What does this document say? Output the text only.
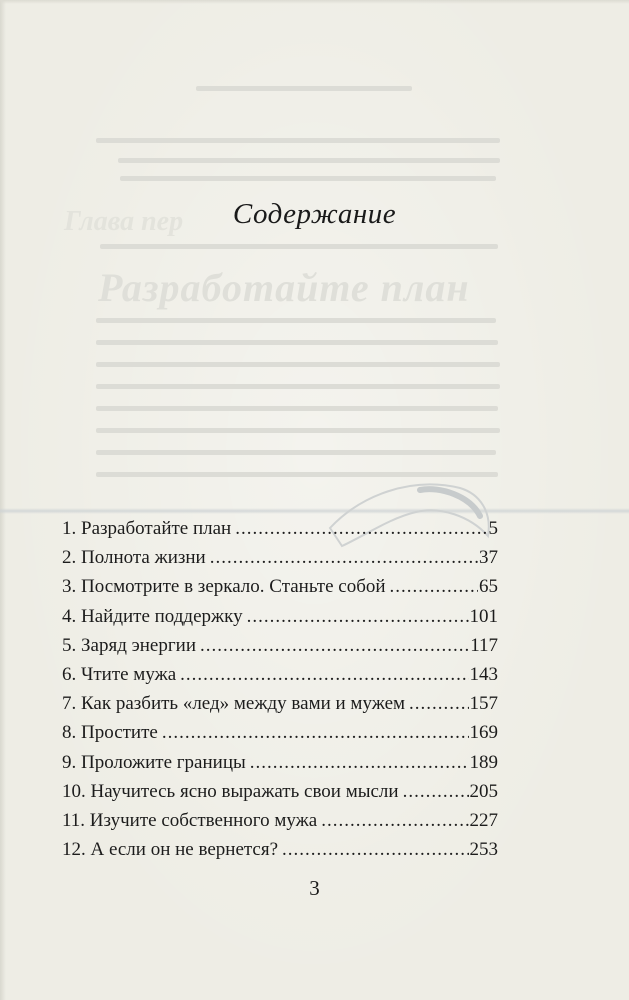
Глава пер
Разработайте план
Содержание
1. Разработайте план .....	5
2. Полнота жизни .....	37
3. Посмотрите в зеркало. Станьте собой .....	65
4. Найдите поддержку .....	101
5. Заряд энергии .....	117
6. Чтите мужа .....	143
7. Как разбить «лед» между вами и мужем .....	157
8. Простите .....	169
9. Проложите границы .....	189
10. Научитесь ясно выражать свои мысли .....	205
11. Изучите собственного мужа .....	227
12. А если он не вернется? .....	253
3
